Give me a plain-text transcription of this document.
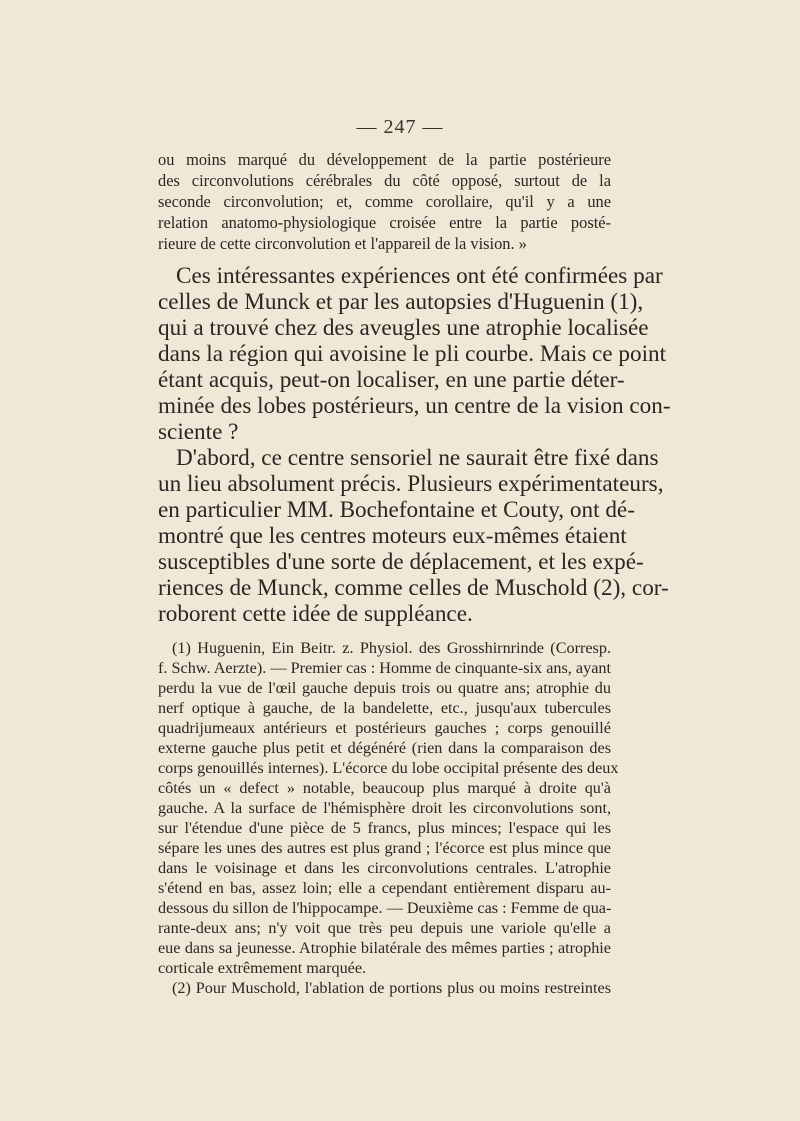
— 247 —

ou moins marqué du développement de la partie postérieure

des circonvolutions cérébrales du côté opposé, surtout de la

seconde circonvolution; et, comme corollaire, qu'il y a une

relation anatomo-physiologique croisée entre la partie posté-

rieure de cette circonvolution et l'appareil de la vision. »

Ces intéressantes expériences ont été confirmées par

celles de Munck et par les autopsies d'Huguenin (1),

qui a trouvé chez des aveugles une atrophie localisée

dans la région qui avoisine le pli courbe. Mais ce point

étant acquis, peut-on localiser, en une partie déter-

minée des lobes postérieurs, un centre de la vision con-

sciente ?

D'abord, ce centre sensoriel ne saurait être fixé dans

un lieu absolument précis. Plusieurs expérimentateurs,

en particulier MM. Bochefontaine et Couty, ont dé-

montré que les centres moteurs eux-mêmes étaient

susceptibles d'une sorte de déplacement, et les expé-

riences de Munck, comme celles de Muschold (2), cor-

roborent cette idée de suppléance.

(1) Huguenin, Ein Beitr. z. Physiol. des Grosshirnrinde (Corresp.

f. Schw. Aerzte). — Premier cas : Homme de cinquante-six ans, ayant

perdu la vue de l'œil gauche depuis trois ou quatre ans; atrophie du

nerf optique à gauche, de la bandelette, etc., jusqu'aux tubercules

quadrijumeaux antérieurs et postérieurs gauches ; corps genouillé

externe gauche plus petit et dégénéré (rien dans la comparaison des

corps genouillés internes). L'écorce du lobe occipital présente des deux

côtés un « defect » notable, beaucoup plus marqué à droite qu'à

gauche. A la surface de l'hémisphère droit les circonvolutions sont,

sur l'étendue d'une pièce de 5 francs, plus minces; l'espace qui les

sépare les unes des autres est plus grand ; l'écorce est plus mince que

dans le voisinage et dans les circonvolutions centrales. L'atrophie

s'étend en bas, assez loin; elle a cependant entièrement disparu au-

dessous du sillon de l'hippocampe. — Deuxième cas : Femme de qua-

rante-deux ans; n'y voit que très peu depuis une variole qu'elle a

eue dans sa jeunesse. Atrophie bilatérale des mêmes parties ; atrophie

corticale extrêmement marquée.

(2) Pour Muschold, l'ablation de portions plus ou moins restreintes
